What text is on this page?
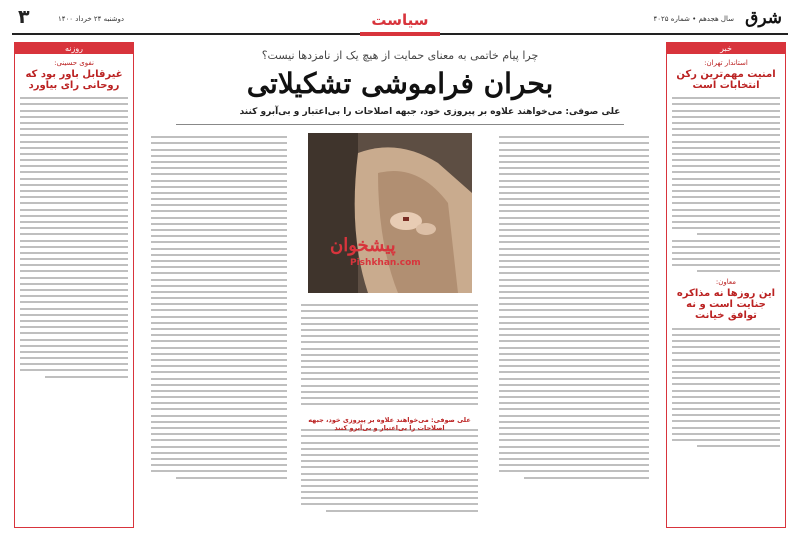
شرق
سال هجدهم • شماره ۴۰۲۵
سیاست
دوشنبه ۲۴ خرداد ۱۴۰۰
۳
خبر
استاندار تهران:
امنیت مهم‌ترین رکن انتخابات است
معاون:
این روزها نه مذاکره جنایت است و نه توافق خیانت
روزنه
نفوی حسینی:
غیرقابل باور بود که روحانی رای بیاورد
چرا پیام خاتمی به معنای حمایت از هیچ یک از نامزدها نیست؟
بحران فراموشی تشکیلاتی
علی صوفی: می‌خواهند علاوه بر پیروزی خود، جبهه اصلاحات را بی‌اعتبار و بی‌آبرو کنند
پیشخوان
Pishkhan.com
علی صوفی: می‌خواهند علاوه بر پیروزی خود، جبهه اصلاحات را بی‌اعتبار و بی‌آبرو کنند
